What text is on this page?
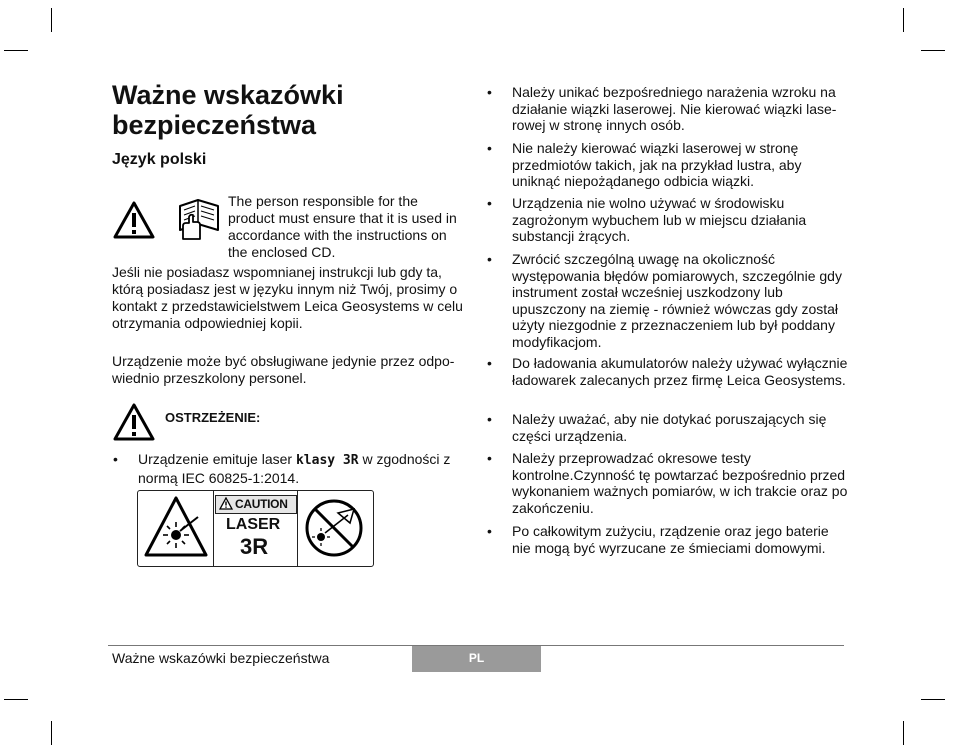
Ważne wskazówki bezpieczeństwa
Język polski
The person responsible for the product must ensure that it is used in accordance with the instructions on the enclosed CD.
Jeśli nie posiadasz wspomnianej instrukcji lub gdy ta, którą posiadasz jest w języku innym niż Twój, prosimy o kontakt z przedstawicielstwem Leica Geosystems w celu otrzymania odpowiedniej kopii.
Urządzenie może być obsługiwane jedynie przez odpo-wiednio przeszkolony personel.
OSTRZEŻENIE:
• Urządzenie emituje laser klasy 3R w zgodności z normą IEC 60825-1:2014.
CAUTION
LASER
3R
• Należy unikać bezpośredniego narażenia wzroku na działanie wiązki laserowej. Nie kierować wiązki lase-rowej w stronę innych osób.
• Nie należy kierować wiązki laserowej w stronę przedmiotów takich, jak na przykład lustra, aby uniknąć niepożądanego odbicia wiązki.
• Urządzenia nie wolno używać w środowisku zagrożonym wybuchem lub w miejscu działania substancji żrących.
• Zwrócić szczególną uwagę na okoliczność występowania błędów pomiarowych, szczególnie gdy instrument został wcześniej uszkodzony lub upuszczony na ziemię - również wówczas gdy został użyty niezgodnie z przeznaczeniem lub był poddany modyfikacjom.
• Do ładowania akumulatorów należy używać wyłącznie ładowarek zalecanych przez firmę Leica Geosystems.
• Należy uważać, aby nie dotykać poruszających się części urządzenia.
• Należy przeprowadzać okresowe testy kontrolne.Czynność tę powtarzać bezpośrednio przed wykonaniem ważnych pomiarów, w ich trakcie oraz po zakończeniu.
• Po całkowitym zużyciu, rządzenie oraz jego baterie nie mogą być wyrzucane ze śmieciami domowymi.
Ważne wskazówki bezpieczeństwa	PL
